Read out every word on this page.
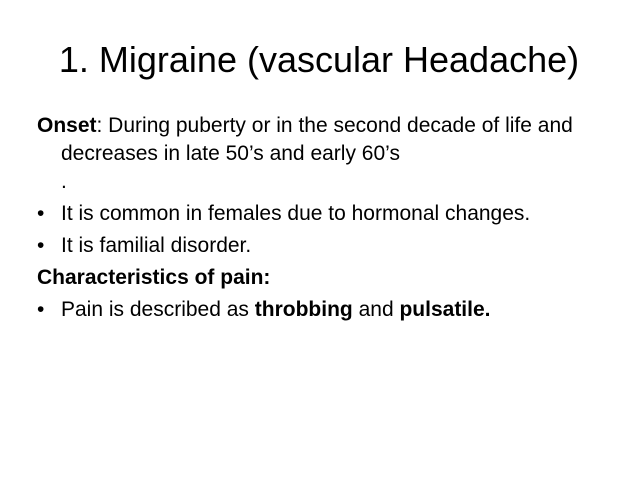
1. Migraine (vascular Headache)

Onset: During puberty or in the second decade of life and decreases in late 50’s and early 60’s
.

• It is common in females due to hormonal changes.
• It is familial disorder.

Characteristics of pain:

• Pain is described as throbbing and pulsatile.
